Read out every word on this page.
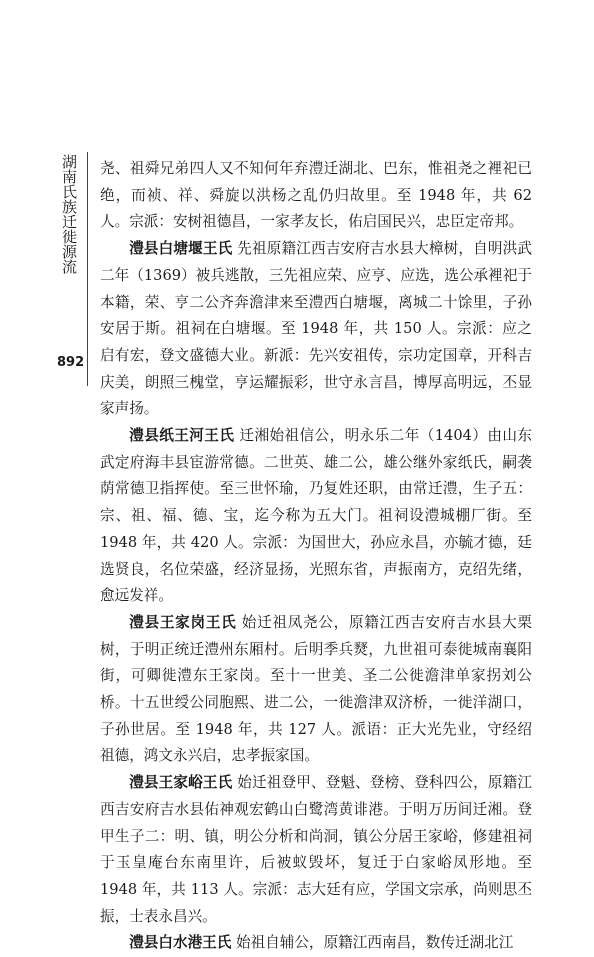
湖南氏族迁徙源流
892

尧、祖舜兄弟四人又不知何年弃澧迁湖北、巴东，惟祖尧之裡祀已绝，而祯、祥、舜旋以洪杨之乱仍归故里。至 1948 年，共 62 人。宗派：安树祖德昌，一家孝友长，佑启国民兴，忠臣定帝邦。

澧县白塘堰王氏 先祖原籍江西吉安府吉水县大樟树，自明洪武二年（1369）被兵逃散，三先祖应荣、应亨、应选，选公承裡祀于本籍，荣、亨二公齐奔澹津来至澧西白塘堰，离城二十馀里，子孙安居于斯。祖祠在白塘堰。至 1948 年，共 150 人。宗派：应之启有宏，登文盛德大业。新派：先兴安祖传，宗功定国章，开科吉庆美，朗照三槐堂，亨运耀振彩，世守永言昌，博厚高明远，丕显家声扬。

澧县纸王河王氏 迁湘始祖信公，明永乐二年（1404）由山东武定府海丰县宦游常德。二世英、雄二公，雄公继外家纸氏，嗣袭荫常德卫指挥使。至三世怀瑜，乃复姓还职，由常迁澧，生子五：宗、祖、福、德、宝，迄今称为五大门。祖祠设澧城棚厂街。至 1948 年，共 420 人。宗派：为国世大，孙应永昌，亦毓才德，廷选贤良，名位荣盛，经济显扬，光照东省，声振南方，克绍先绪，愈远发祥。

澧县王家岗王氏 始迁祖凤尧公，原籍江西吉安府吉水县大栗树，于明正统迁澧州东厢村。后明季兵燹，九世祖可泰徙城南襄阳街，可卿徙澧东王家岗。至十一世美、圣二公徙澹津单家拐刘公桥。十五世绶公同胞熙、进二公，一徙澹津双济桥，一徙洋湖口，子孙世居。至 1948 年，共 127 人。派语：正大光先业，守经绍祖德，鸿文永兴启，忠孝振家国。

澧县王家峪王氏 始迁祖登甲、登魁、登榜、登科四公，原籍江西吉安府吉水县佑神观宏鹤山白鹭湾黄诽港。于明万历间迁湘。登甲生子二：明、镇，明公分析和尚洞，镇公分居王家峪，修建祖祠于玉皇庵台东南里许，后被蚁毁坏，复迁于白家峪凤形地。至 1948 年，共 113 人。宗派：志大廷有应，学国文宗承，尚则思丕振，士表永昌兴。

澧县白水港王氏 始祖自辅公，原籍江西南昌，数传迁湖北江
